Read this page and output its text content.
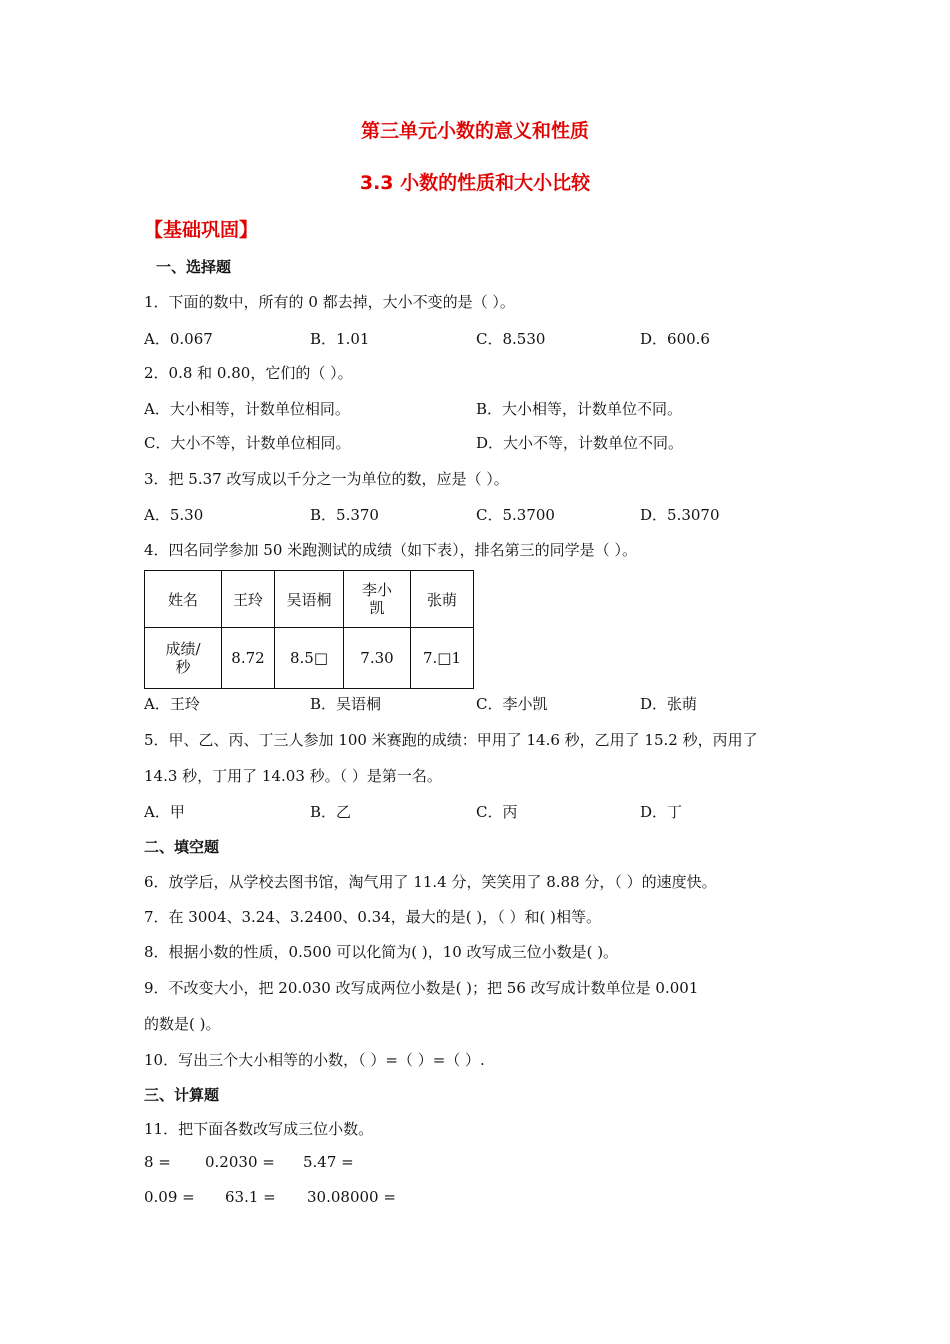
第三单元小数的意义和性质
3.3 小数的性质和大小比较
【基础巩固】
一、选择题
1．下面的数中，所有的 0 都去掉，大小不变的是（ ）。
A．0.067	B．1.01	C．8.530	D．600.6
2．0.8 和 0.80，它们的（ ）。
A．大小相等，计数单位相同。	B．大小相等，计数单位不同。
C．大小不等，计数单位相同。	D．大小不等，计数单位不同。
3．把 5.37 改写成以千分之一为单位的数，应是（ ）。
A．5.30	B．5.370	C．5.3700	D．5.3070
4．四名同学参加 50 米跑测试的成绩（如下表），排名第三的同学是（ ）。
姓名	王玲	吴语桐	李小凯	张萌
成绩/秒	8.72	8.5□	7.30	7.□1
A．王玲	B．吴语桐	C．李小凯	D．张萌
5．甲、乙、丙、丁三人参加 100 米赛跑的成绩：甲用了 14.6 秒，乙用了 15.2 秒，丙用了
14.3 秒，丁用了 14.03 秒。（ ）是第一名。
A．甲	B．乙	C．丙	D．丁
二、填空题
6．放学后，从学校去图书馆，淘气用了 11.4 分，笑笑用了 8.88 分，（ ）的速度快。
7．在 3004、3.24、3.2400、0.34，最大的是( )，（ ）和( )相等。
8．根据小数的性质，0.500 可以化简为( )，10 改写成三位小数是( )。
9．不改变大小，把 20.030 改写成两位小数是( )；把 56 改写成计数单位是 0.001
的数是( )。
10．写出三个大小相等的小数，（ ）=（ ）=（ ）.
三、计算题
11．把下面各数改写成三位小数。
8 = 0.2030 = 5.47 =
0.09 = 63.1 = 30.08000 =
